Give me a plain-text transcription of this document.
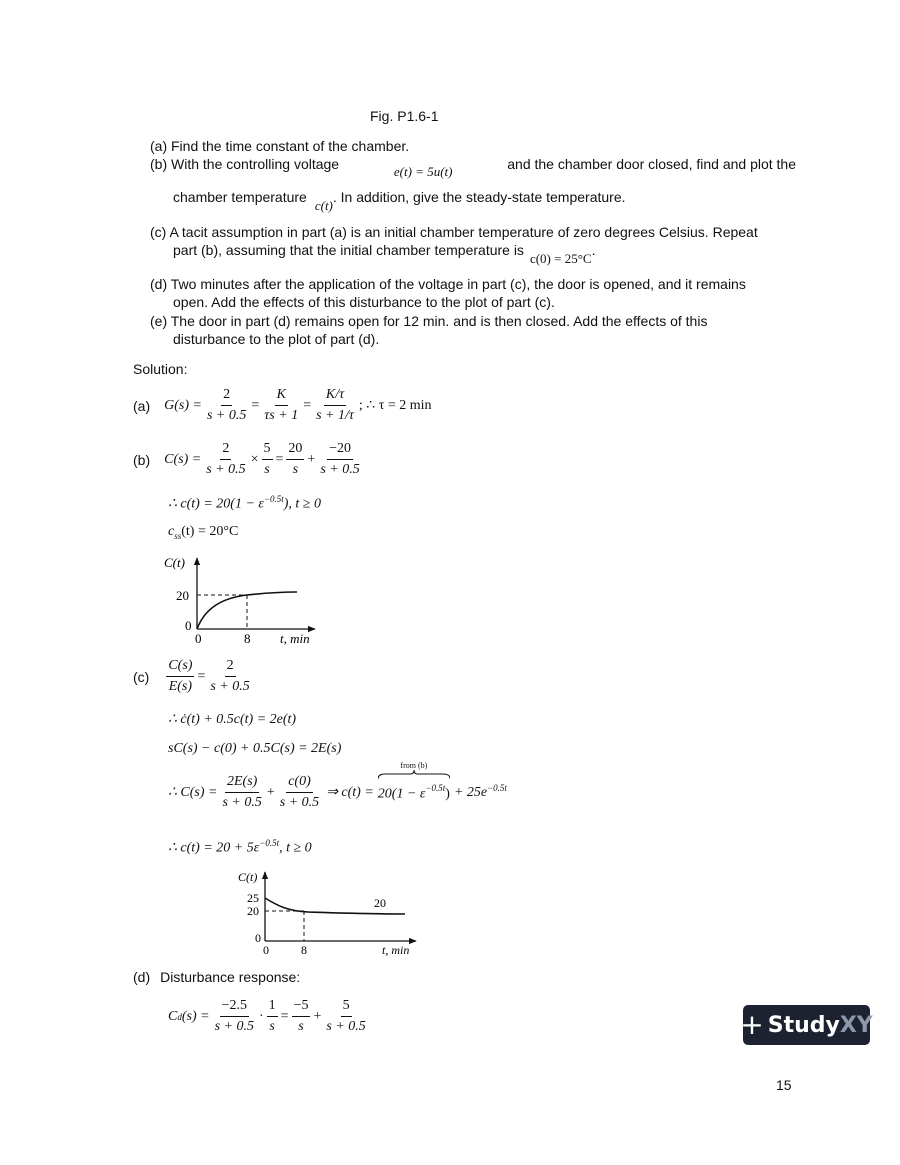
Fig. P1.6-1
(a) Find the time constant of the chamber.
(b) With the controlling voltage	e(t) = 5u(t)	and the chamber door closed, find and plot the
chamber temperature
c(t)
. In addition, give the steady-state temperature.
(c) A tacit assumption in part (a) is an initial chamber temperature of zero degrees Celsius. Repeat
part (b), assuming that the initial chamber temperature is
c(0) = 25°C
.
(d) Two minutes after the application of the voltage in part (c), the door is opened, and it remains
open. Add the effects of this disturbance to the plot of part (c).
(e) The door in part (d) remains open for 12 min. and is then closed. Add the effects of this
disturbance to the plot of part (d).
Solution:
(a) $G(s) = \frac{2}{s + 0.5} = \frac{K}{\tau s + 1} = \frac{K/\tau}{s + 1/\tau}$ ; ∴ τ = 2 min
(b) $C(s) = \frac{2}{s + 0.5} \times \frac{5}{s} = \frac{20}{s} + \frac{-20}{s + 0.5}$
∴ $c(t) = 20(1 - \varepsilon^{-0.5t})$, t ≥ 0
$c_{ss}(t) = 20^\circ C$
C(t)
20
0
0	8 t, min
$(c) \frac{C(s)}{E(s)} = \frac{2}{s + 0.5}$
∴ ċ(t) + 0.5c(t) = 2e(t)
sC(s) − c(0) + 0.5C(s) = 2E(s)
∴ $C(s) = \frac{2E(s)}{s + 0.5} + \frac{c(0)}{s + 0.5}$ ⇒ c(t) =
from (b)
$20(1 - \varepsilon^{-0.5t}) + 25e^{-0.5t}$
∴ $c(t) = 20 + 5\varepsilon^{-0.5t}$, t ≥ 0
C(t)
25
20
0
0	8	t, min
20
(d) Disturbance response:
C d $(s) = \frac{-2.5}{s + 0.5} \cdot \frac{1}{s} = \frac{-5}{s} + \frac{5}{s + 0.5}$	+ Study XY
15
